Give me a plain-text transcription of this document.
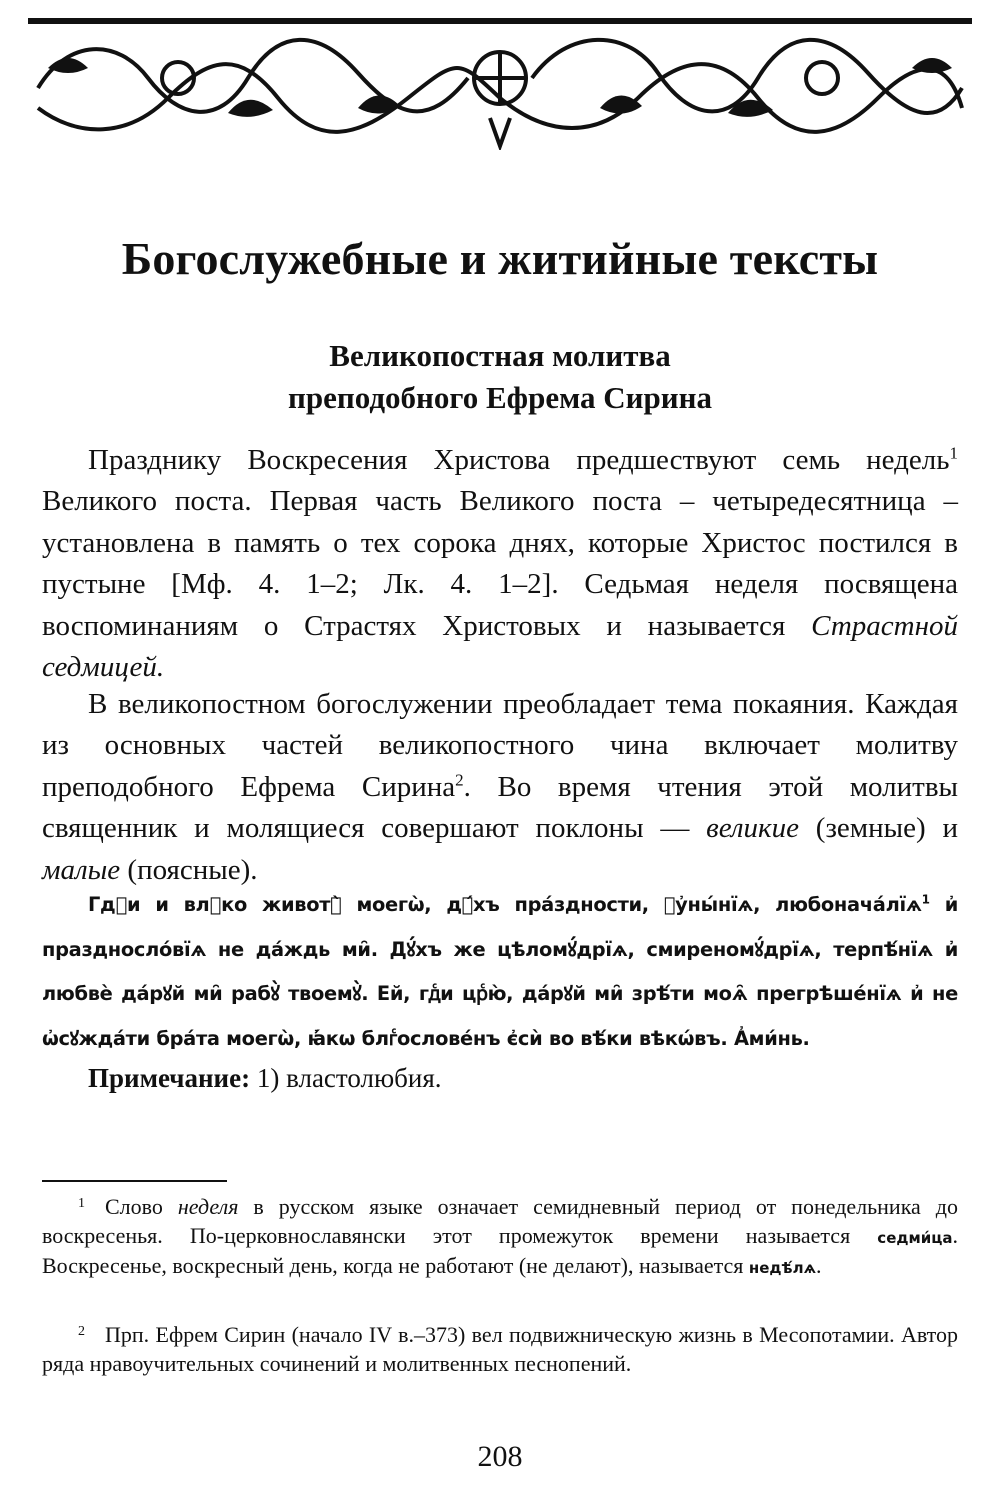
Богослужебные и житийные тексты
Великопостная молитва
преподобного Ефрема Сирина
Празднику Воскресения Христова предшествуют семь недель$^1$ Великого поста. Первая часть Великого поста – четыредесятница – установлена в память о тех сорока днях, которые Христос постился в пустыне [Мф. 4. 1–2; Лк. 4. 1–2]. Седьмая неделя посвящена воспоминаниям о Страстях Христовых и называется Страстной седмицей.
В великопостном богослужении преобладает тема покаяния. Каждая из основных частей великопостного чина включает молитву преподобного Ефрема Сирина$^2$. Во время чтения этой молитвы священник и молящиеся совершают поклоны — великие (земные) и малые (поясные).
Гдⷭи и влⷣко животꙋ̀ моегѡ̀, дꙋ́хъ пра́здности, ᲂу҆ны́нїѧ, любонача́лїѧ$^1$ и҆ праздносло́вїѧ не да́ждь ми̑. Дꙋ́хъ же цѣломꙋ́дрїѧ, смиреномꙋ́дрїѧ, терпѣ́нїѧ и҆ любвѐ да́рꙋй ми̑ рабꙋ̀ твоемꙋ̀. Ей, гдⷭи црⷭю̀, да́рꙋй ми̑ зрѣ́ти моѧ̑ прегрѣше́нїѧ и҆ не ѡ҆сꙋжда́ти бра́та моегѡ̀, ꙗ҆́кѡ блгⷭослове́нъ є҆сѝ во вѣ́ки вѣкѡ́въ. А҆ми́нь.
Примечание: 1) властолюбия.
$^1$ Слово неделя в русском языке означает семидневный период от понедельника до воскресенья. По-церковнославянски этот промежуток времени называется седми́ца. Воскресенье, воскресный день, когда не работают (не делают), называется недѣ́лѧ.
$^2$ Прп. Ефрем Сирин (начало IV в.–373) вел подвижническую жизнь в Месопотамии. Автор ряда нравоучительных сочинений и молитвенных песнопений.
208
